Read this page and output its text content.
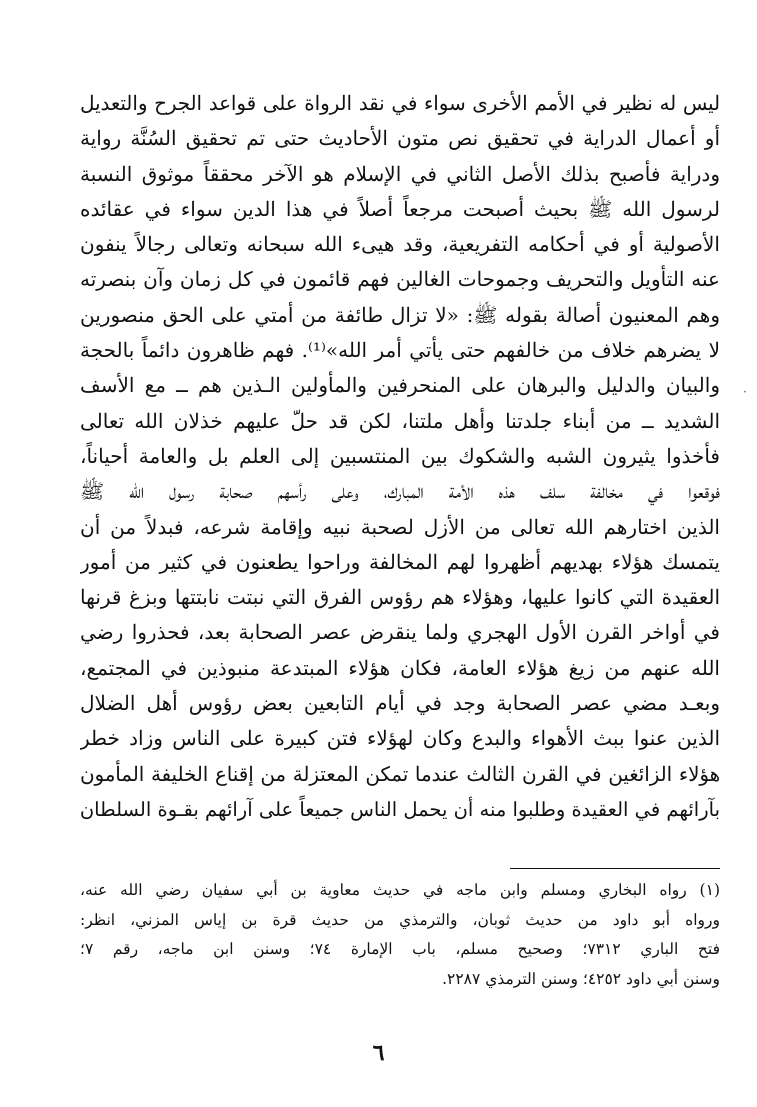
ليس له نظير في الأمم الأخرى سواء في نقد الرواة على قواعد الجرح والتعديل
أو أعمال الدراية في تحقيق نص متون الأحاديث حتى تم تحقيق السُنَّة رواية
ودراية فأصبح بذلك الأصل الثاني في الإسلام هو الآخر محققاً موثوق النسبة
لرسول الله ﷺ بحيث أصبحت مرجعاً أصلاً في هذا الدين سواء في عقائده
الأصولية أو في أحكامه التفريعية، وقد هيىء الله سبحانه وتعالى رجالاً ينفون
عنه التأويل والتحريف وجموحات الغالين فهم قائمون في كل زمان وآن بنصرته
وهم المعنيون أصالة بقوله ﷺ: «لا تزال طائفة من أمتي على الحق منصورين
لا يضرهم خلاف من خالفهم حتى يأتي أمر الله»⁽¹⁾. فهم ظاهرون دائماً بالحجة
والبيان والدليل والبرهان على المنحرفين والمأولين الـذين هم ــ مع الأسف
الشديد ــ من أبناء جلدتنا وأهل ملتنا، لكن قد حلّ عليهم خذلان الله تعالى
فأخذوا يثيرون الشبه والشكوك بين المنتسبين إلى العلم بل والعامة أحياناً،
فوقعوا في مخالفة سلف هذه الأمة المبارك، وعلى رأسهم صحابة رسول الله ﷺ
الذين اختارهم الله تعالى من الأزل لصحبة نبيه وإقامة شرعه، فبدلاً من أن
يتمسك هؤلاء بهديهم أظهروا لهم المخالفة وراحوا يطعنون في كثير من أمور
العقيدة التي كانوا عليها، وهؤلاء هم رؤوس الفرق التي نبتت نابتتها وبزغ قرنها
في أواخر القرن الأول الهجري ولما ينقرض عصر الصحابة بعد، فحذروا رضي
الله عنهم من زيغ هؤلاء العامة، فكان هؤلاء المبتدعة منبوذين في المجتمع،
وبعـد مضي عصر الصحابة وجد في أيام التابعين بعض رؤوس أهل الضلال
الذين عنوا ببث الأهواء والبدع وكان لهؤلاء فتن كبيرة على الناس وزاد خطر
هؤلاء الزائغين في القرن الثالث عندما تمكن المعتزلة من إقناع الخليفة المأمون
بآرائهم في العقيدة وطلبوا منه أن يحمل الناس جميعاً على آرائهم بقـوة السلطان
·
(١) رواه البخاري ومسلم وابن ماجه في حديث معاوية بن أبي سفيان رضي الله عنه،
ورواه أبو داود من حديث ثوبان، والترمذي من حديث قرة بن إياس المزني، انظر:
فتح الباري ٧٣١٢؛ وصحيح مسلم، باب الإمارة ٧٤؛ وسنن ابن ماجه، رقم ٧؛
وسنن أبي داود ٤٢٥٢؛ وسنن الترمذي ٢٢٨٧.
٦
